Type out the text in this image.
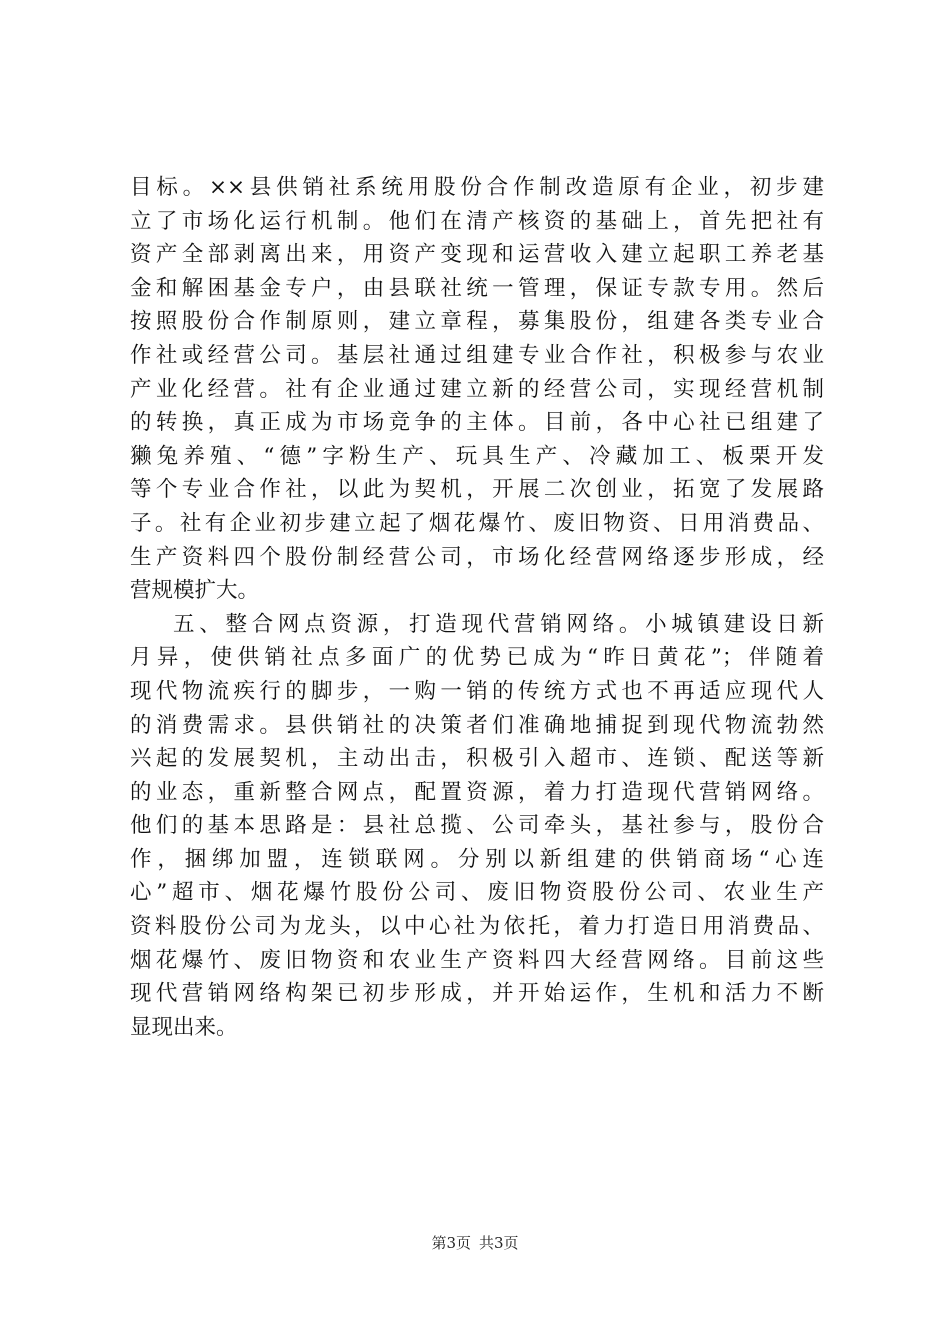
目标。××县供销社系统用股份合作制改造原有企业，初步建
立了市场化运行机制。他们在清产核资的基础上，首先把社有
资产全部剥离出来，用资产变现和运营收入建立起职工养老基
金和解困基金专户，由县联社统一管理，保证专款专用。然后
按照股份合作制原则，建立章程，募集股份，组建各类专业合
作社或经营公司。基层社通过组建专业合作社，积极参与农业
产业化经营。社有企业通过建立新的经营公司，实现经营机制
的转换，真正成为市场竞争的主体。目前，各中心社已组建了
獭兔养殖、“德”字粉生产、玩具生产、冷藏加工、板栗开发
等个专业合作社，以此为契机，开展二次创业，拓宽了发展路
子。社有企业初步建立起了烟花爆竹、废旧物资、日用消费品、
生产资料四个股份制经营公司，市场化经营网络逐步形成，经
营规模扩大。
五、整合网点资源，打造现代营销网络。小城镇建设日新
月异，使供销社点多面广的优势已成为“昨日黄花”；伴随着
现代物流疾行的脚步，一购一销的传统方式也不再适应现代人
的消费需求。县供销社的决策者们准确地捕捉到现代物流勃然
兴起的发展契机，主动出击，积极引入超市、连锁、配送等新
的业态，重新整合网点，配置资源，着力打造现代营销网络。
他们的基本思路是：县社总揽、公司牵头，基社参与，股份合
作，捆绑加盟，连锁联网。分别以新组建的供销商场“心连
心”超市、烟花爆竹股份公司、废旧物资股份公司、农业生产
资料股份公司为龙头，以中心社为依托，着力打造日用消费品、
烟花爆竹、废旧物资和农业生产资料四大经营网络。目前这些
现代营销网络构架已初步形成，并开始运作，生机和活力不断
显现出来。
第3页 共3页
